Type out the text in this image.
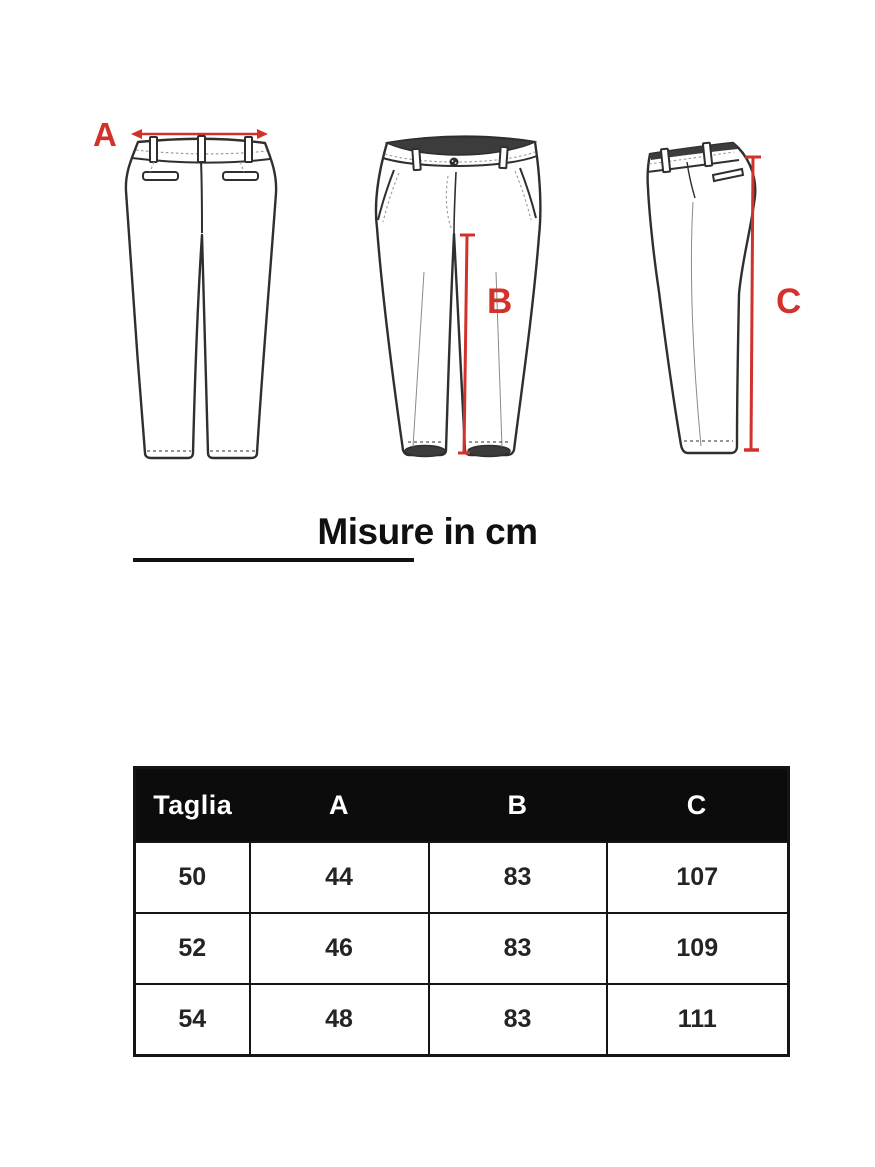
A
B	C
Misure in cm
Taglia	A	B	C
50	44	83	107
52	46	83	109
54	48	83	111
